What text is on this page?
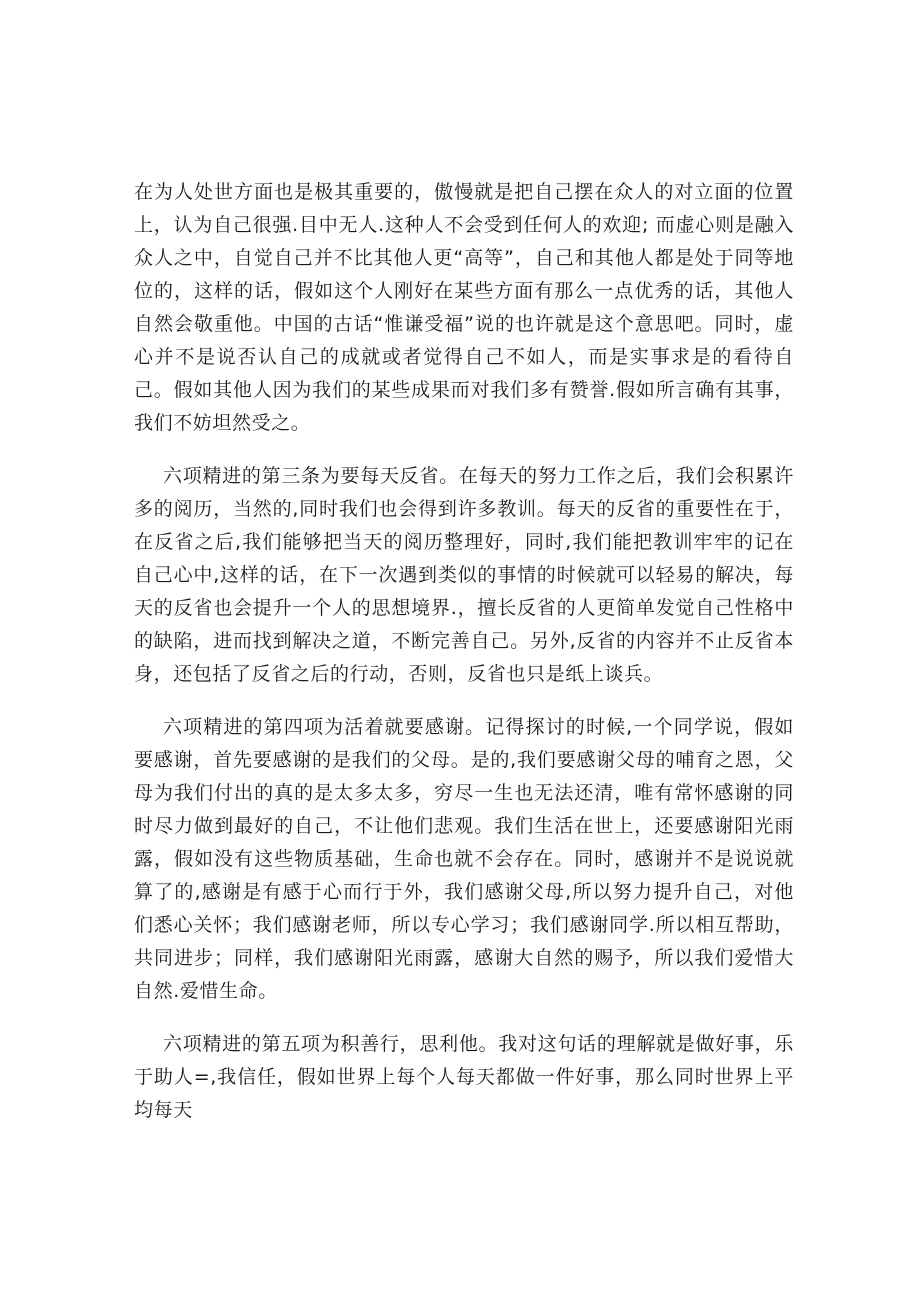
在为人处世方面也是极其重要的，傲慢就是把自己摆在众人的对立面的位置上，认为自己很强.目中无人.这种人不会受到任何人的欢迎; 而虚心则是融入众人之中，自觉自己并不比其他人更“高等”，自己和其他人都是处于同等地位的，这样的话，假如这个人刚好在某些方面有那么一点优秀的话，其他人自然会敬重他。中国的古话“惟谦受福”说的也许就是这个意思吧。同时，虚心并不是说否认自己的成就或者觉得自己不如人，而是实事求是的看待自己。假如其他人因为我们的某些成果而对我们多有赞誉.假如所言确有其事，我们不妨坦然受之。

六项精进的第三条为要每天反省。在每天的努力工作之后，我们会积累许多的阅历，当然的,同时我们也会得到许多教训。每天的反省的重要性在于，在反省之后,我们能够把当天的阅历整理好，同时,我们能把教训牢牢的记在自己心中,这样的话，在下一次遇到类似的事情的时候就可以轻易的解决，每天的反省也会提升一个人的思想境界.，擅长反省的人更简单发觉自己性格中的缺陷，进而找到解决之道，不断完善自己。另外,反省的内容并不止反省本身，还包括了反省之后的行动，否则，反省也只是纸上谈兵。

六项精进的第四项为活着就要感谢。记得探讨的时候,一个同学说，假如要感谢，首先要感谢的是我们的父母。是的,我们要感谢父母的哺育之恩，父母为我们付出的真的是太多太多，穷尽一生也无法还清，唯有常怀感谢的同时尽力做到最好的自己，不让他们悲观。我们生活在世上，还要感谢阳光雨露，假如没有这些物质基础，生命也就不会存在。同时，感谢并不是说说就算了的,感谢是有感于心而行于外，我们感谢父母,所以努力提升自己，对他们悉心关怀；我们感谢老师，所以专心学习；我们感谢同学.所以相互帮助，共同进步；同样，我们感谢阳光雨露，感谢大自然的赐予，所以我们爱惜大自然.爱惜生命。

六项精进的第五项为积善行，思利他。我对这句话的理解就是做好事，乐于助人=,我信任，假如世界上每个人每天都做一件好事，那么同时世界上平均每天
